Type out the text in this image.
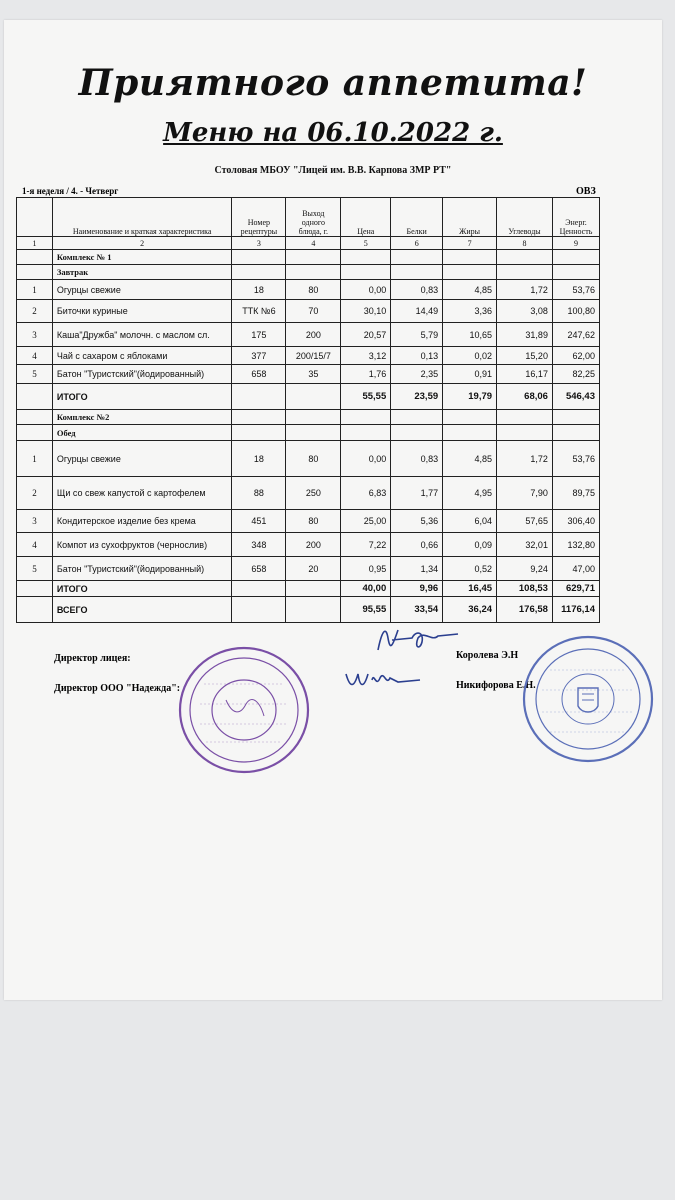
Приятного аппетита!
Меню на 06.10.2022 г.
Столовая МБОУ "Лицей им. В.В. Карпова ЗМР РТ"
1-я неделя / 4. - Четверг	ОВЗ
	Наименование и краткая характеристика	Номер рецептуры	Выход одного блюда, г.	Цена	Белки	Жиры	Углеводы	Энерг. Ценность
1	2	3	4	5	6	7	8	9
	Комплекс № 1							
	Завтрак							
1	Огурцы свежие	18	80	0,00	0,83	4,85	1,72	53,76
2	Биточки куриные	ТТК №6	70	30,10	14,49	3,36	3,08	100,80
3	Каша"Дружба" молочн. с маслом сл.	175	200	20,57	5,79	10,65	31,89	247,62
4	Чай с сахаром с яблоками	377	200/15/7	3,12	0,13	0,02	15,20	62,00
5	Батон "Туристский"(йодированный)	658	35	1,76	2,35	0,91	16,17	82,25
	ИТОГО			55,55	23,59	19,79	68,06	546,43
	Комплекс №2							
	Обед							
1	Огурцы свежие	18	80	0,00	0,83	4,85	1,72	53,76
2	Щи со свеж капустой с картофелем	88	250	6,83	1,77	4,95	7,90	89,75
3	Кондитерское изделие без крема	451	80	25,00	5,36	6,04	57,65	306,40
4	Компот из сухофруктов (чернослив)	348	200	7,22	0,66	0,09	32,01	132,80
5	Батон "Туристский"(йодированный)	658	20	0,95	1,34	0,52	9,24	47,00
	ИТОГО			40,00	9,96	16,45	108,53	629,71
	ВСЕГО			95,55	33,54	36,24	176,58	1176,14
Директор лицея:
Директор ООО "Надежда":
Королева Э.Н
Никифорова Е.Н.
